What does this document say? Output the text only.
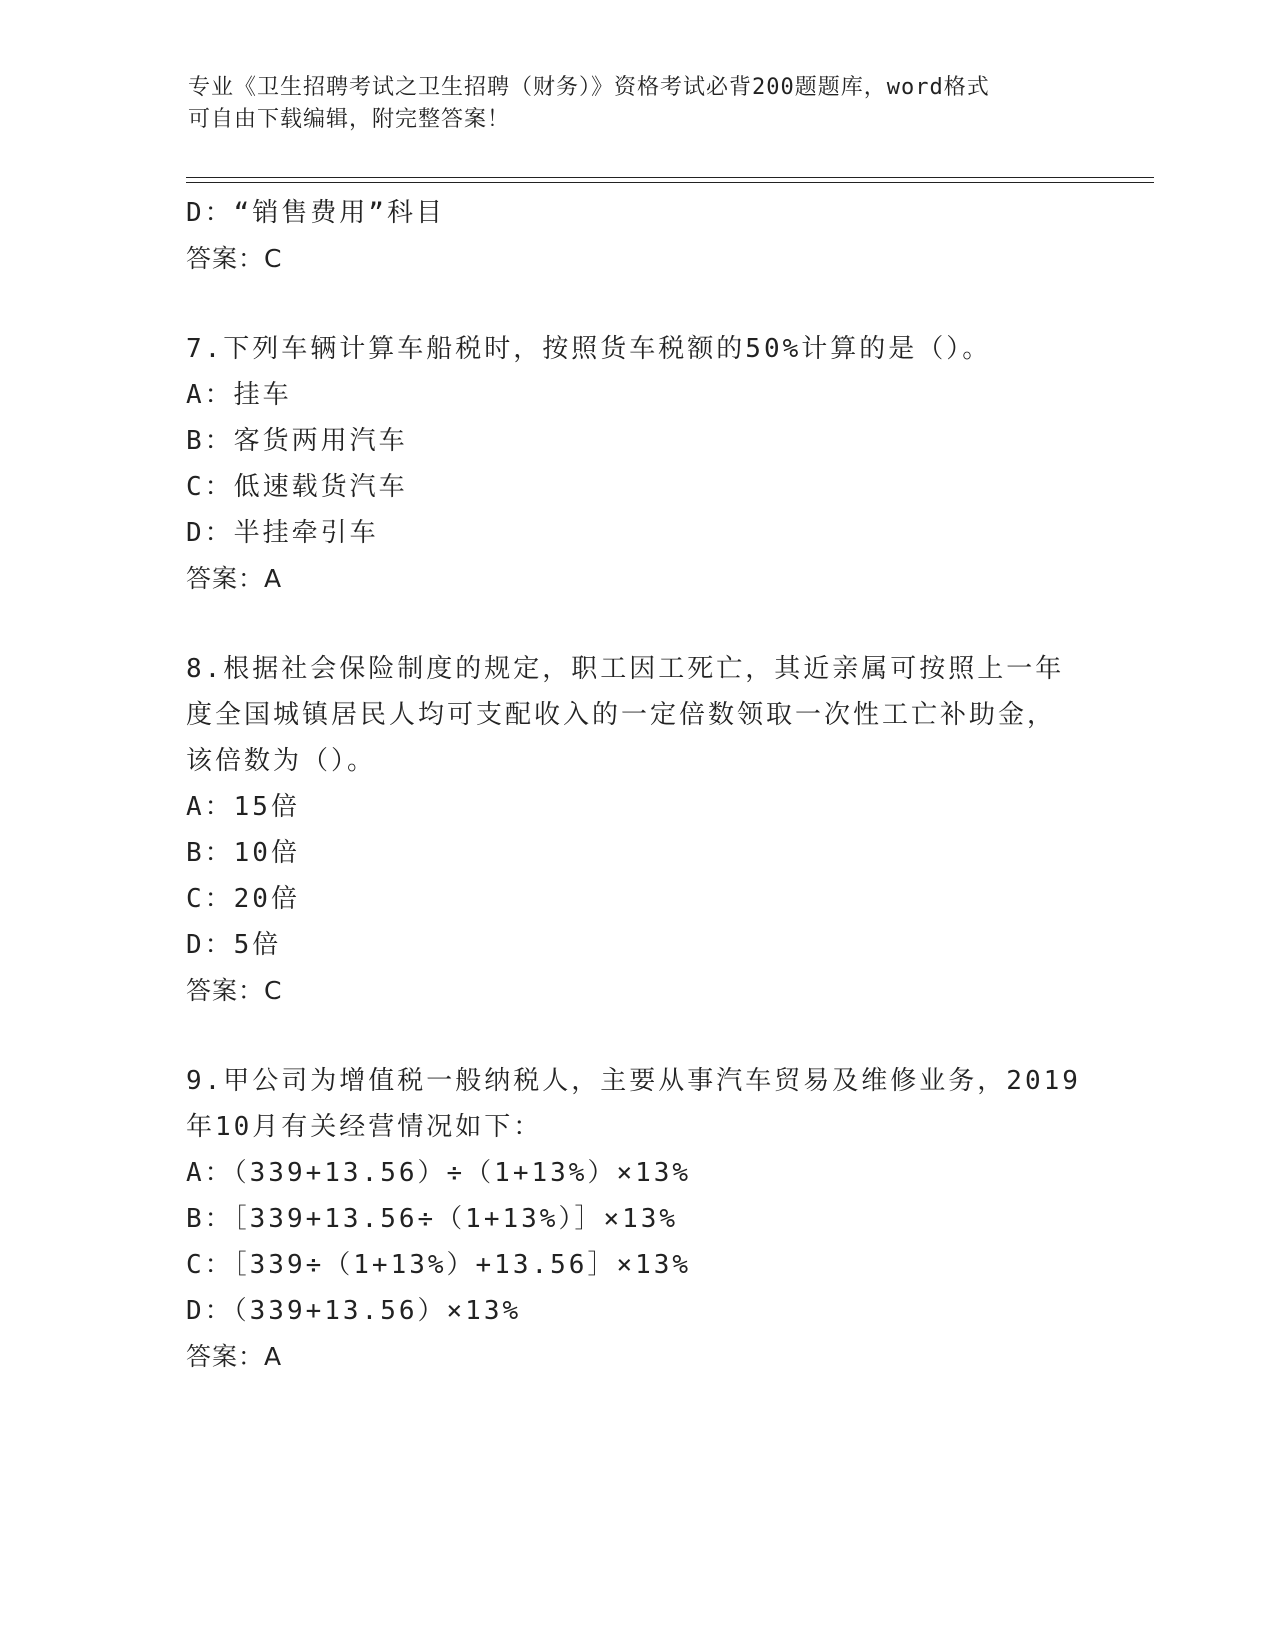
专业《卫生招聘考试之卫生招聘（财务）》资格考试必背200题题库，word格式
可自由下载编辑，附完整答案！
D：“销售费用”科目
答案：C
7.下列车辆计算车船税时，按照货车税额的50%计算的是（）。
A：挂车
B：客货两用汽车
C：低速载货汽车
D：半挂牵引车
答案：A
8.根据社会保险制度的规定，职工因工死亡，其近亲属可按照上一年
度全国城镇居民人均可支配收入的一定倍数领取一次性工亡补助金，
该倍数为（）。
A：15倍
B：10倍
C：20倍
D：5倍
答案：C
9.甲公司为增值税一般纳税人，主要从事汽车贸易及维修业务，2019
年10月有关经营情况如下：
A：（339+13.56）÷（1+13%）×13%
B：［339+13.56÷（1+13%）］×13%
C：［339÷（1+13%）+13.56］×13%
D：（339+13.56）×13%
答案：A
